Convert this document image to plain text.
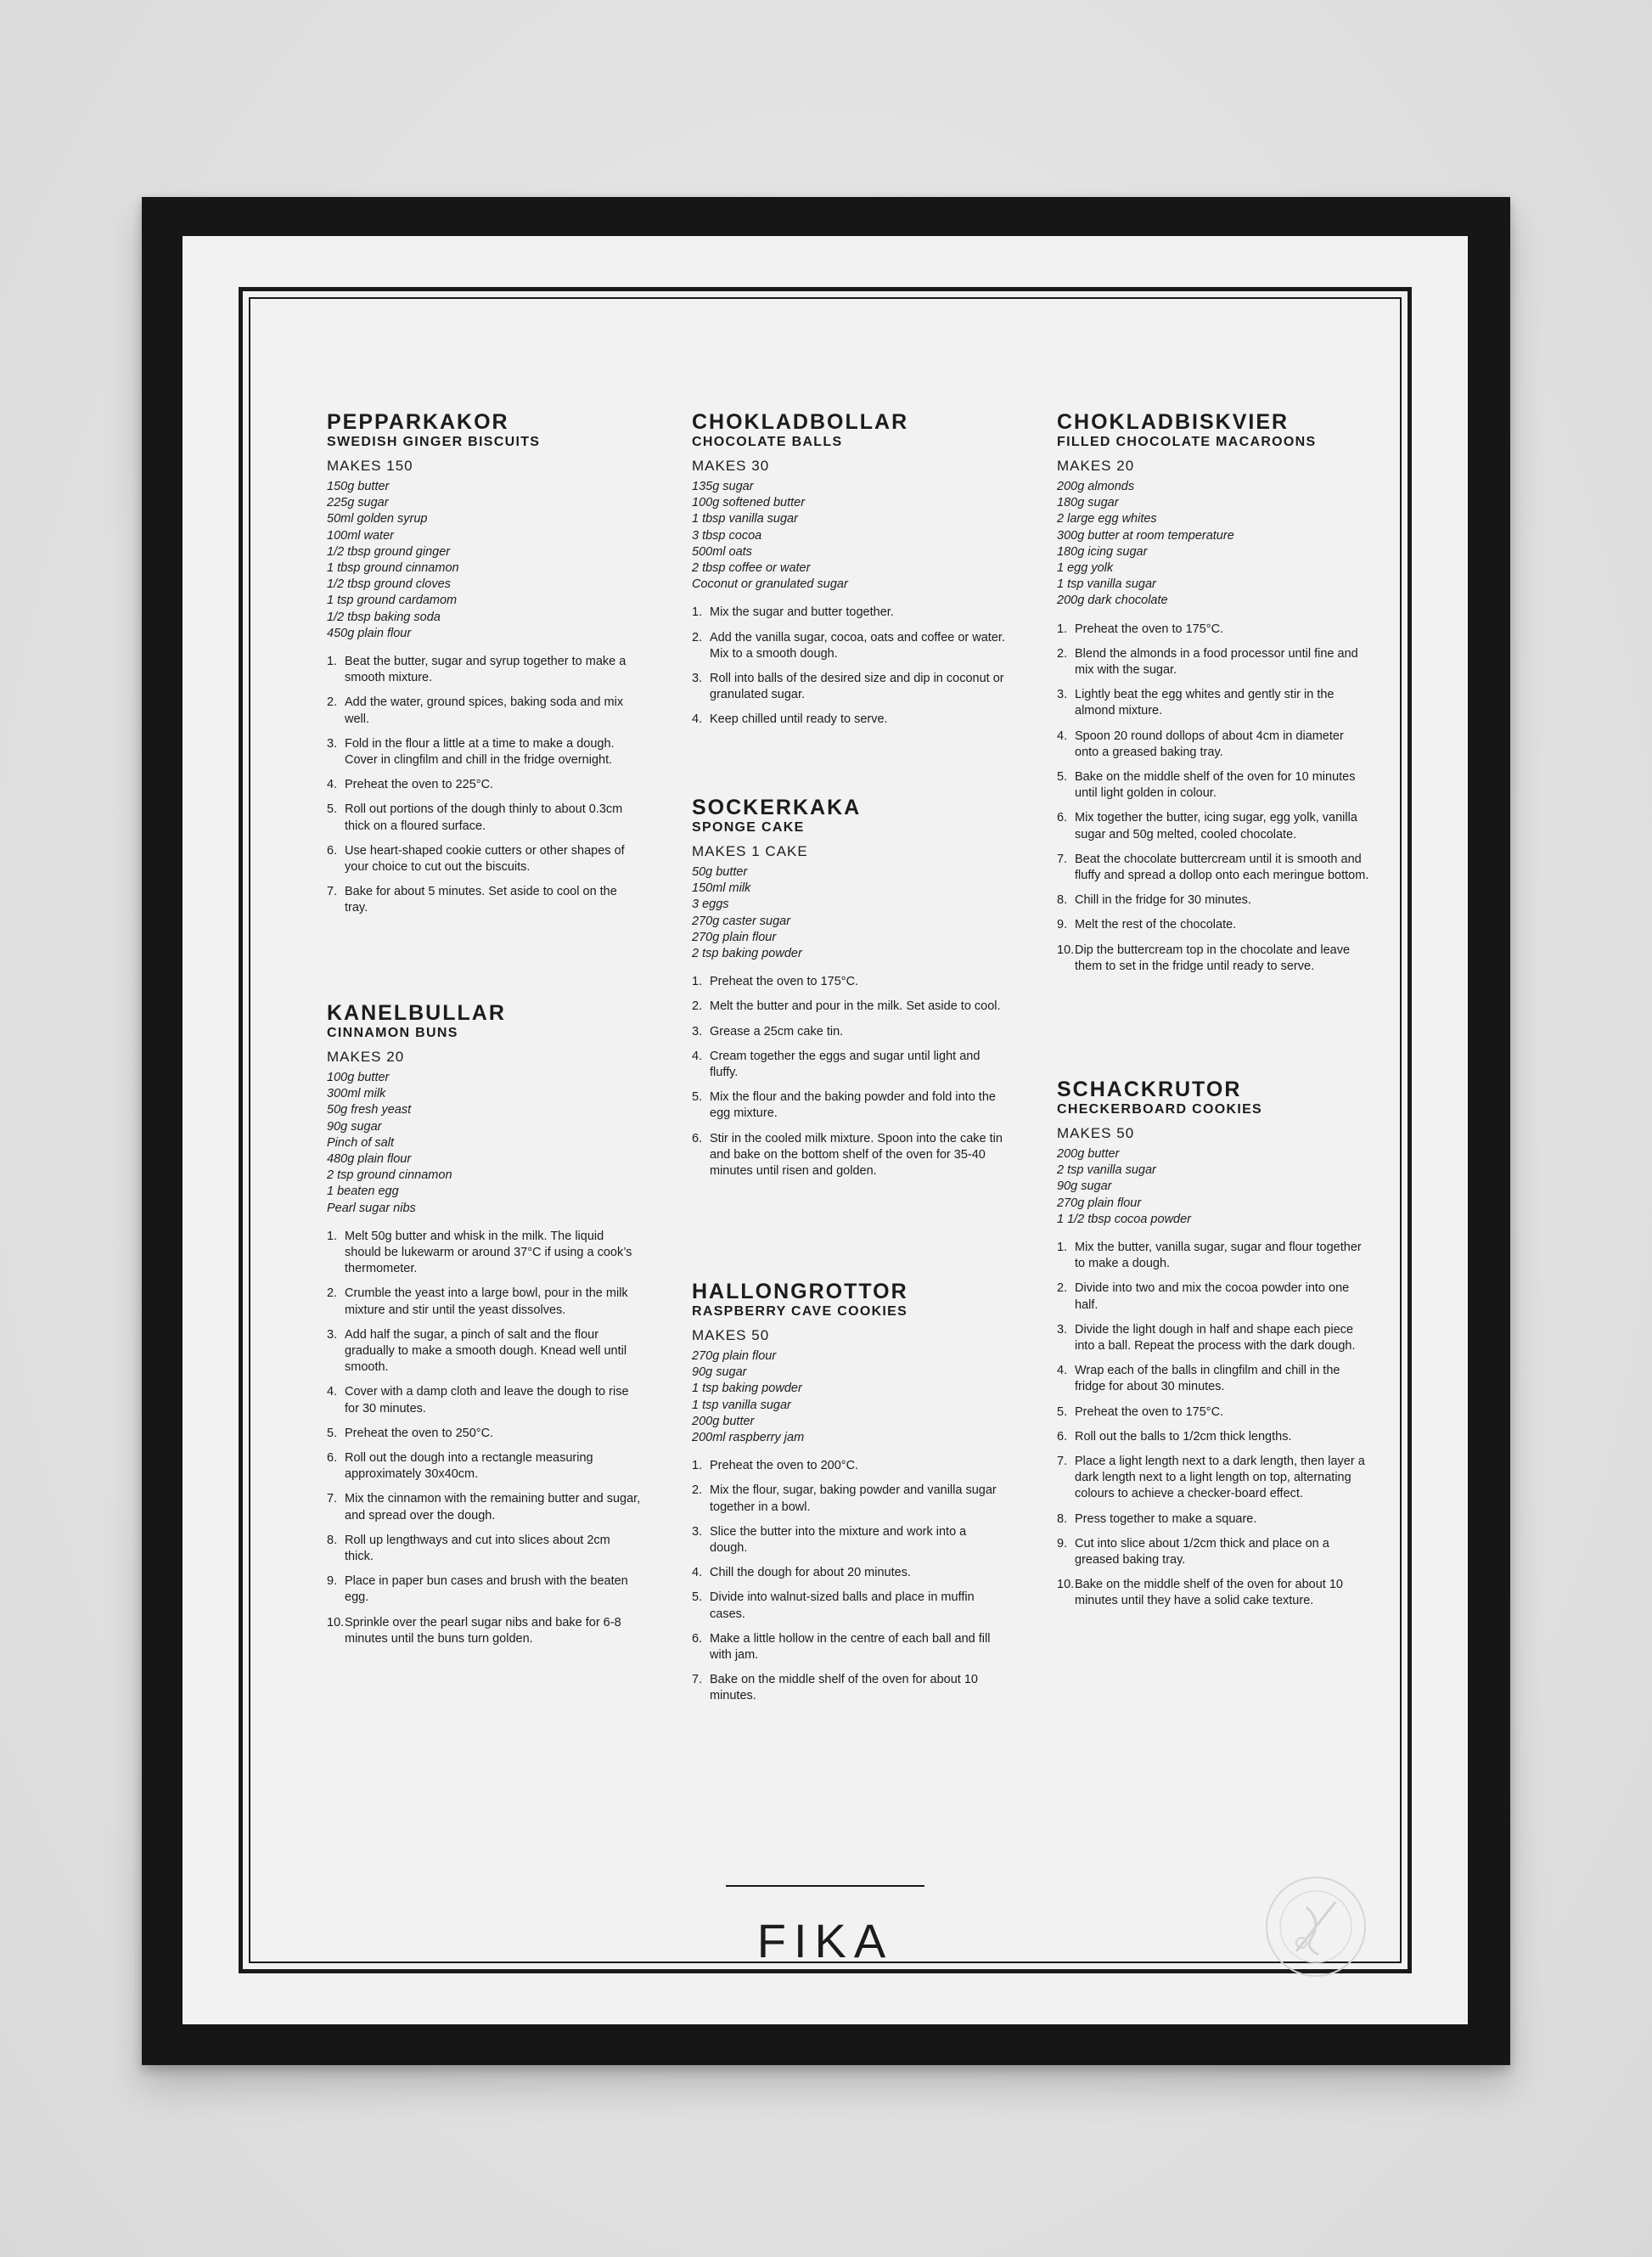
PEPPARKAKOR
SWEDISH GINGER BISCUITS
MAKES 150
150g butter
225g sugar
50ml golden syrup
100ml water
1/2 tbsp ground ginger
1 tbsp ground cinnamon
1/2 tbsp ground cloves
1 tsp ground cardamom
1/2 tbsp baking soda
450g plain flour
1. Beat the butter, sugar and syrup together to make a smooth mixture.
2. Add the water, ground spices, baking soda and mix well.
3. Fold in the flour a little at a time to make a dough. Cover in clingfilm and chill in the fridge overnight.
4. Preheat the oven to 225°C.
5. Roll out portions of the dough thinly to about 0.3cm thick on a floured surface.
6. Use heart-shaped cookie cutters or other shapes of your choice to cut out the biscuits.
7. Bake for about 5 minutes. Set aside to cool on the tray.
KANELBULLAR
CINNAMON BUNS
MAKES 20
100g butter
300ml milk
50g fresh yeast
90g sugar
Pinch of salt
480g plain flour
2 tsp ground cinnamon
1 beaten egg
Pearl sugar nibs
1. Melt 50g butter and whisk in the milk. The liquid should be lukewarm or around 37°C if using a cook’s thermometer.
2. Crumble the yeast into a large bowl, pour in the milk mixture and stir until the yeast dissolves.
3. Add half the sugar, a pinch of salt and the flour gradually to make a smooth dough. Knead well until smooth.
4. Cover with a damp cloth and leave the dough to rise for 30 minutes.
5. Preheat the oven to 250°C.
6. Roll out the dough into a rectangle measuring approximately 30x40cm.
7. Mix the cinnamon with the remaining butter and sugar, and spread over the dough.
8. Roll up lengthways and cut into slices about 2cm thick.
9. Place in paper bun cases and brush with the beaten egg.
10. Sprinkle over the pearl sugar nibs and bake for 6-8 minutes until the buns turn golden.
CHOKLADBOLLAR
CHOCOLATE BALLS
MAKES 30
135g sugar
100g softened butter
1 tbsp vanilla sugar
3 tbsp cocoa
500ml oats
2 tbsp coffee or water
Coconut or granulated sugar
1. Mix the sugar and butter together.
2. Add the vanilla sugar, cocoa, oats and coffee or water. Mix to a smooth dough.
3. Roll into balls of the desired size and dip in coconut or granulated sugar.
4. Keep chilled until ready to serve.
SOCKERKAKA
SPONGE CAKE
MAKES 1 CAKE
50g butter
150ml milk
3 eggs
270g caster sugar
270g plain flour
2 tsp baking powder
1. Preheat the oven to 175°C.
2. Melt the butter and pour in the milk. Set aside to cool.
3. Grease a 25cm cake tin.
4. Cream together the eggs and sugar until light and fluffy.
5. Mix the flour and the baking powder and fold into the egg mixture.
6. Stir in the cooled milk mixture. Spoon into the cake tin and bake on the bottom shelf of the oven for 35-40 minutes until risen and golden.
HALLONGROTTOR
RASPBERRY CAVE COOKIES
MAKES 50
270g plain flour
90g sugar
1 tsp baking powder
1 tsp vanilla sugar
200g butter
200ml raspberry jam
1. Preheat the oven to 200°C.
2. Mix the flour, sugar, baking powder and vanilla sugar together in a bowl.
3. Slice the butter into the mixture and work into a dough.
4. Chill the dough for about 20 minutes.
5. Divide into walnut-sized balls and place in muffin cases.
6. Make a little hollow in the centre of each ball and fill with jam.
7. Bake on the middle shelf of the oven for about 10 minutes.
CHOKLADBISKVIER
FILLED CHOCOLATE MACAROONS
MAKES 20
200g almonds
180g sugar
2 large egg whites
300g butter at room temperature
180g icing sugar
1 egg yolk
1 tsp vanilla sugar
200g dark chocolate
1. Preheat the oven to 175°C.
2. Blend the almonds in a food processor until fine and mix with the sugar.
3. Lightly beat the egg whites and gently stir in the almond mixture.
4. Spoon 20 round dollops of about 4cm in diameter onto a greased baking tray.
5. Bake on the middle shelf of the oven for 10 minutes until light golden in colour.
6. Mix together the butter, icing sugar, egg yolk, vanilla sugar and 50g melted, cooled chocolate.
7. Beat the chocolate buttercream until it is smooth and fluffy and spread a dollop onto each meringue bottom.
8. Chill in the fridge for 30 minutes.
9. Melt the rest of the chocolate.
10. Dip the buttercream top in the chocolate and leave them to set in the fridge until ready to serve.
SCHACKRUTOR
CHECKERBOARD COOKIES
MAKES 50
200g butter
2 tsp vanilla sugar
90g sugar
270g plain flour
1 1/2 tbsp cocoa powder
1. Mix the butter, vanilla sugar, sugar and flour together to make a dough.
2. Divide into two and mix the cocoa powder into one half.
3. Divide the light dough in half and shape each piece into a ball. Repeat the process with the dark dough.
4. Wrap each of the balls in clingfilm and chill in the fridge for about 30 minutes.
5. Preheat the oven to 175°C.
6. Roll out the balls to 1/2cm thick lengths.
7. Place a light length next to a dark length, then layer a dark length next to a light length on top, alternating colours to achieve a checker-board effect.
8. Press together to make a square.
9. Cut into slice about 1/2cm thick and place on a greased baking tray.
10. Bake on the middle shelf of the oven for about 10 minutes until they have a solid cake texture.
FIKA
